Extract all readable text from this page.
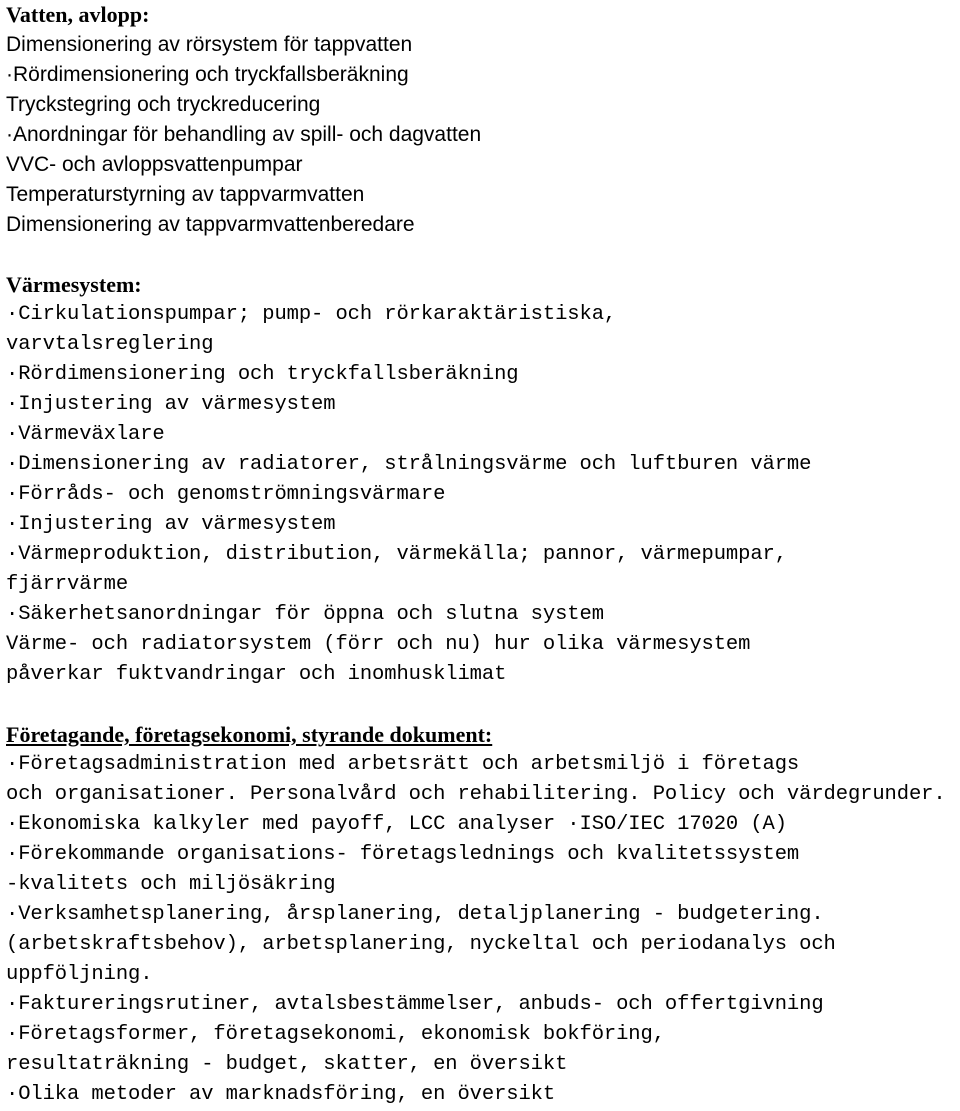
Vatten, avlopp:
Dimensionering av rörsystem för tappvatten
·Rördimensionering och tryckfallsberäkning
Tryckstegring och tryckreducering
·Anordningar för behandling av spill- och dagvatten
VVC- och avloppsvattenpumpar
Temperaturstyrning av tappvarmvatten
Dimensionering av tappvarmvattenberedare
Värmesystem:
·Cirkulationspumpar; pump- och rörkaraktäristiska,
varvtalsreglering
·Rördimensionering och tryckfallsberäkning
·Injustering av värmesystem
·Värmeväxlare
·Dimensionering av radiatorer, strålningsvärme och luftburen värme
·Förråds- och genomströmningsvärmare
·Injustering av värmesystem
·Värmeproduktion, distribution, värmekälla; pannor, värmepumpar,
fjärrvärme
·Säkerhetsanordningar för öppna och slutna system
Värme- och radiatorsystem (förr och nu) hur olika värmesystem
påverkar fuktvandringar och inomhusklimat
Företagande, företagsekonomi, styrande dokument:
·Företagsadministration med arbetsrätt och arbetsmiljö i företags
och organisationer. Personalvård och rehabilitering. Policy och värdegrunder.
·Ekonomiska kalkyler med payoff, LCC analyser ·ISO/IEC 17020 (A)
·Förekommande organisations- företagslednings och kvalitetssystem
-kvalitets och miljösäkring
·Verksamhetsplanering, årsplanering, detaljplanering - budgetering.
(arbetskraftsbehov), arbetsplanering, nyckeltal och periodanalys och
uppföljning.
·Faktureringsrutiner, avtalsbestämmelser, anbuds- och offertgivning
·Företagsformer, företagsekonomi, ekonomisk bokföring,
resultaträkning - budget, skatter, en översikt
·Olika metoder av marknadsföring, en översikt
